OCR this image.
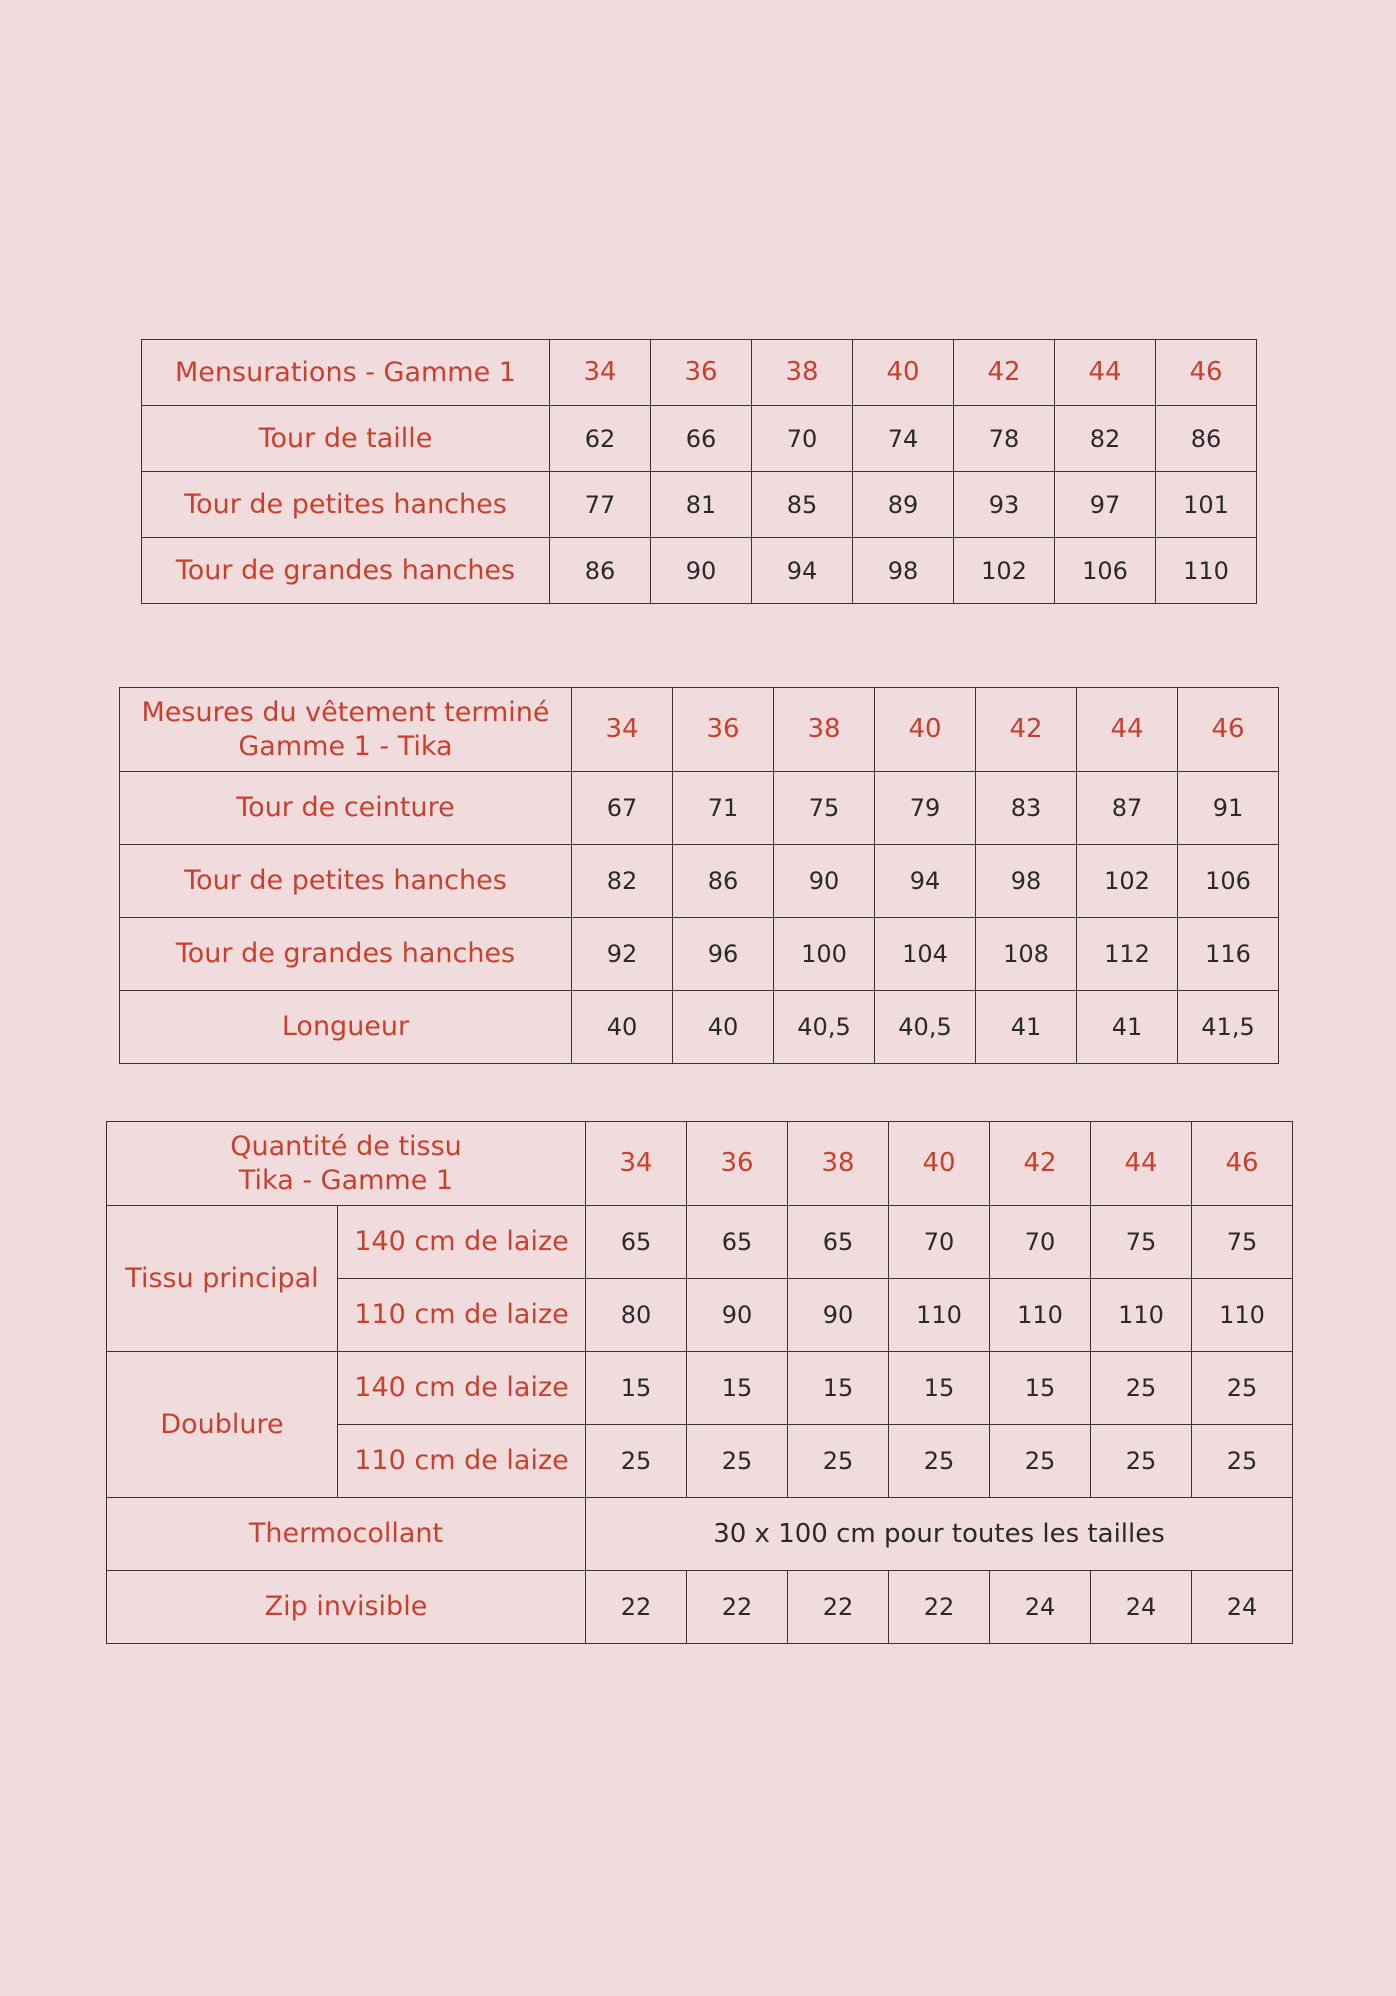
Mensurations - Gamme 1	34	36	38	40	42	44	46
Tour de taille	62	66	70	74	78	82	86
Tour de petites hanches	77	81	85	89	93	97	101
Tour de grandes hanches	86	90	94	98	102	106	110
Mesures du vêtement terminé
Gamme 1 - Tika	34	36	38	40	42	44	46
Tour de ceinture	67	71	75	79	83	87	91
Tour de petites hanches	82	86	90	94	98	102	106
Tour de grandes hanches	92	96	100	104	108	112	116
Longueur	40	40	40,5	40,5	41	41	41,5
Quantité de tissu
Tika - Gamme 1		34	36	38	40	42	44	46
Tissu principal	140 cm de laize	65	65	65	70	70	75	75
	110 cm de laize	80	90	90	110	110	110	110
Doublure	140 cm de laize	15	15	15	15	15	25	25
	110 cm de laize	25	25	25	25	25	25	25
Thermocollant		30 x 100 cm pour toutes les tailles						
Zip invisible		22	22	22	22	24	24	24
